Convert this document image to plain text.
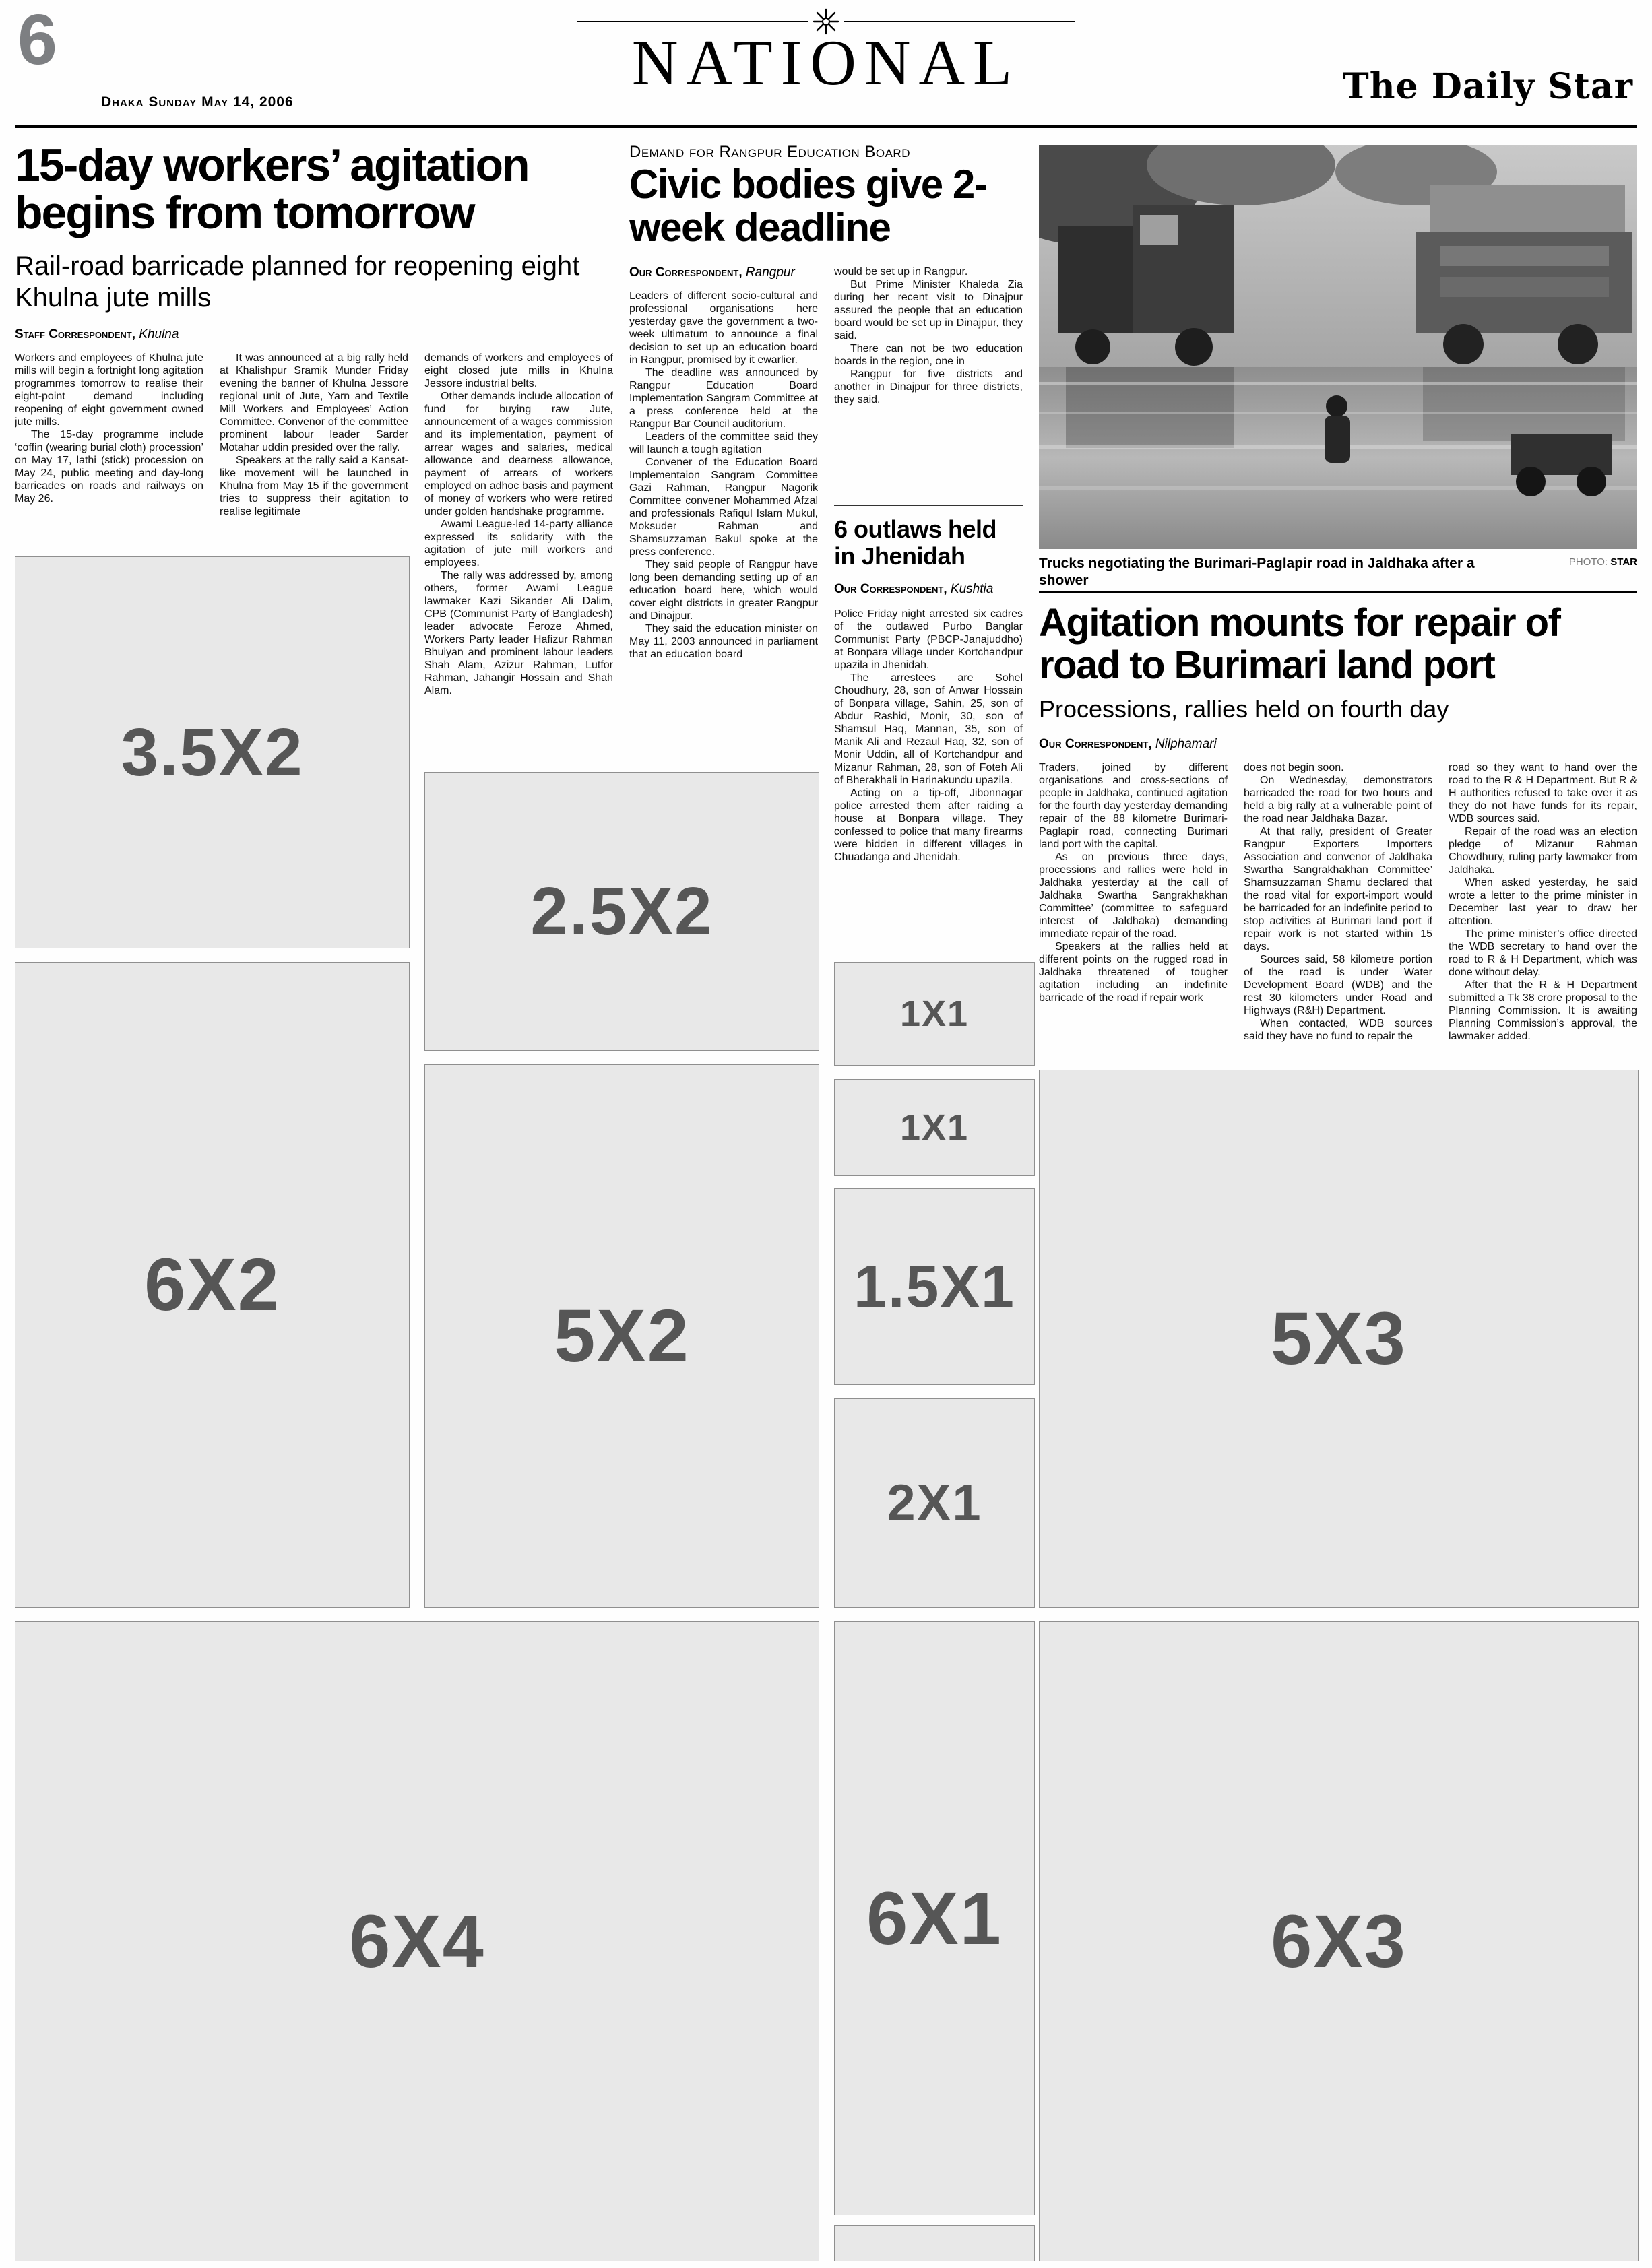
6
Dhaka Sunday May 14, 2006
NATIONAL	The Daily Star
15-day workers’ agitation begins from tomorrow
Rail-road barricade planned for reopening eight Khulna jute mills
Staff Correspondent, Khulna

Workers and employees of Khulna jute mills will begin a fortnight long agitation programmes tomorrow to realise their eight-point demand including reopening of eight government owned jute mills.

The 15-day programme include ‘coffin (wearing burial cloth) procession’ on May 17, lathi (stick) procession on May 24, public meeting and day-long barricades on roads and railways on May 26.

It was announced at a big rally held at Khalishpur Sramik Munder Friday evening the banner of Khulna Jessore regional unit of Jute, Yarn and Textile Mill Workers and Employees’ Action Committee. Convenor of the committee prominent labour leader Sarder Motahar uddin presided over the rally.

Speakers at the rally said a Kansat-like movement will be launched in Khulna from May 15 if the government tries to suppress their agitation to realise legitimate

demands of workers and employees of eight closed jute mills in Khulna Jessore industrial belts.

Other demands include allocation of fund for buying raw Jute, announcement of a wages commission and its implementation, payment of arrear wages and salaries, medical allowance and dearness allowance, payment of arrears of workers employed on adhoc basis and payment of money of workers who were retired under golden handshake programme.

Awami League-led 14-party alliance expressed its solidarity with the agitation of jute mill workers and employees.

The rally was addressed by, among others, former Awami League lawmaker Kazi Sikander Ali Dalim, CPB (Communist Party of Bangladesh) leader advocate Feroze Ahmed, Workers Party leader Hafizur Rahman Bhuiyan and prominent labour leaders Shah Alam, Azizur Rahman, Lutfor Rahman, Jahangir Hossain and Shah Alam.

Demand for Rangpur Education Board
Civic bodies give 2-week deadline
Our Correspondent, Rangpur

Leaders of different socio-cultural and professional organisations here yesterday gave the government a two-week ultimatum to announce a final decision to set up an education board in Rangpur, promised by it ewarlier.

The deadline was announced by Rangpur Education Board Implementation Sangram Committee at a press conference held at the Rangpur Bar Council auditorium.

Leaders of the committee said they will launch a tough agitation

Convener of the Education Board Implementaion Sangram Committee Gazi Rahman, Rangpur Nagorik Committee convener Mohammed Afzal and professionals Rafiqul Islam Mukul, Moksuder Rahman and Shamsuzzaman Bakul spoke at the press conference.

They said people of Rangpur have long been demanding setting up of an education board here, which would cover eight districts in greater Rangpur and Dinajpur.

They said the education minister on May 11, 2003 announced in parliament that an education board

would be set up in Rangpur.

But Prime Minister Khaleda Zia during her recent visit to Dinajpur assured the people that an education board would be set up in Dinajpur, they said.

There can not be two education boards in the region, one in

Rangpur for five districts and another in Dinajpur for three districts, they said.

6 outlaws held in Jhenidah
Our Correspondent, Kushtia

Police Friday night arrested six cadres of the outlawed Purbo Banglar Communist Party (PBCP-Janajuddho) at Bonpara village under Kortchandpur upazila in Jhenidah.

The arrestees are Sohel Choudhury, 28, son of Anwar Hossain of Bonpara village, Sahin, 25, son of Abdur Rashid, Monir, 30, son of Shamsul Haq, Mannan, 35, son of Manik Ali and Rezaul Haq, 32, son of Monir Uddin, all of Kortchandpur and Mizanur Rahman, 28, son of Foteh Ali of Bherakhali in Harinakundu upazila.

Acting on a tip-off, Jibonnagar police arrested them after raiding a house at Bonpara village. They confessed to police that many firearms were hidden in different villages in Chuadanga and Jhenidah.

Trucks negotiating the Burimari-Paglapir road in Jaldhaka after a shower
PHOTO: STAR
Agitation mounts for repair of road to Burimari land port
Processions, rallies held on fourth day
Our Correspondent, Nilphamari

Traders, joined by different organisations and cross-sections of people in Jaldhaka, continued agitation for the fourth day yesterday demanding repair of the 88 kilometre Burimari-Paglapir road, connecting Burimari land port with the capital.

As on previous three days, processions and rallies were held in Jaldhaka yesterday at the call of Jaldhaka Swartha Sangrakhakhan Committee’ (committee to safeguard interest of Jaldhaka) demanding immediate repair of the road.

Speakers at the rallies held at different points on the rugged road in Jaldhaka threatened of tougher agitation including an indefinite barricade of the road if repair work

does not begin soon.

On Wednesday, demonstrators barricaded the road for two hours and held a big rally at a vulnerable point of the road near Jaldhaka Bazar.

At that rally, president of Greater Rangpur Exporters Importers Association and convenor of Jaldhaka Swartha Sangrakhakhan Committee’ Shamsuzzaman Shamu declared that the road vital for export-import would be barricaded for an indefinite period to stop activities at Burimari land port if repair work is not started within 15 days.

Sources said, 58 kilometre portion of the road is under Water Development Board (WDB) and the rest 30 kilometers under Road and Highways (R&H) Department.

When contacted, WDB sources said they have no fund to repair the

road so they want to hand over the road to the R & H Department. But R & H authorities refused to take over it as they do not have funds for its repair, WDB sources said.

Repair of the road was an election pledge of Mizanur Rahman Chowdhury, ruling party lawmaker from Jaldhaka.

When asked yesterday, he said wrote a letter to the prime minister in December last year to draw her attention.

The prime minister’s office directed the WDB secretary to hand over the road to R & H Department, which was done without delay.

After that the R & H Department submitted a Tk 38 crore proposal to the Planning Commission. It is awaiting Planning Commission’s approval, the lawmaker added.

3.5X2
2.5X2
6X2
5X2
1X1
1X1
1.5X1
2X1
5X3
6X4	6X1	6X3
